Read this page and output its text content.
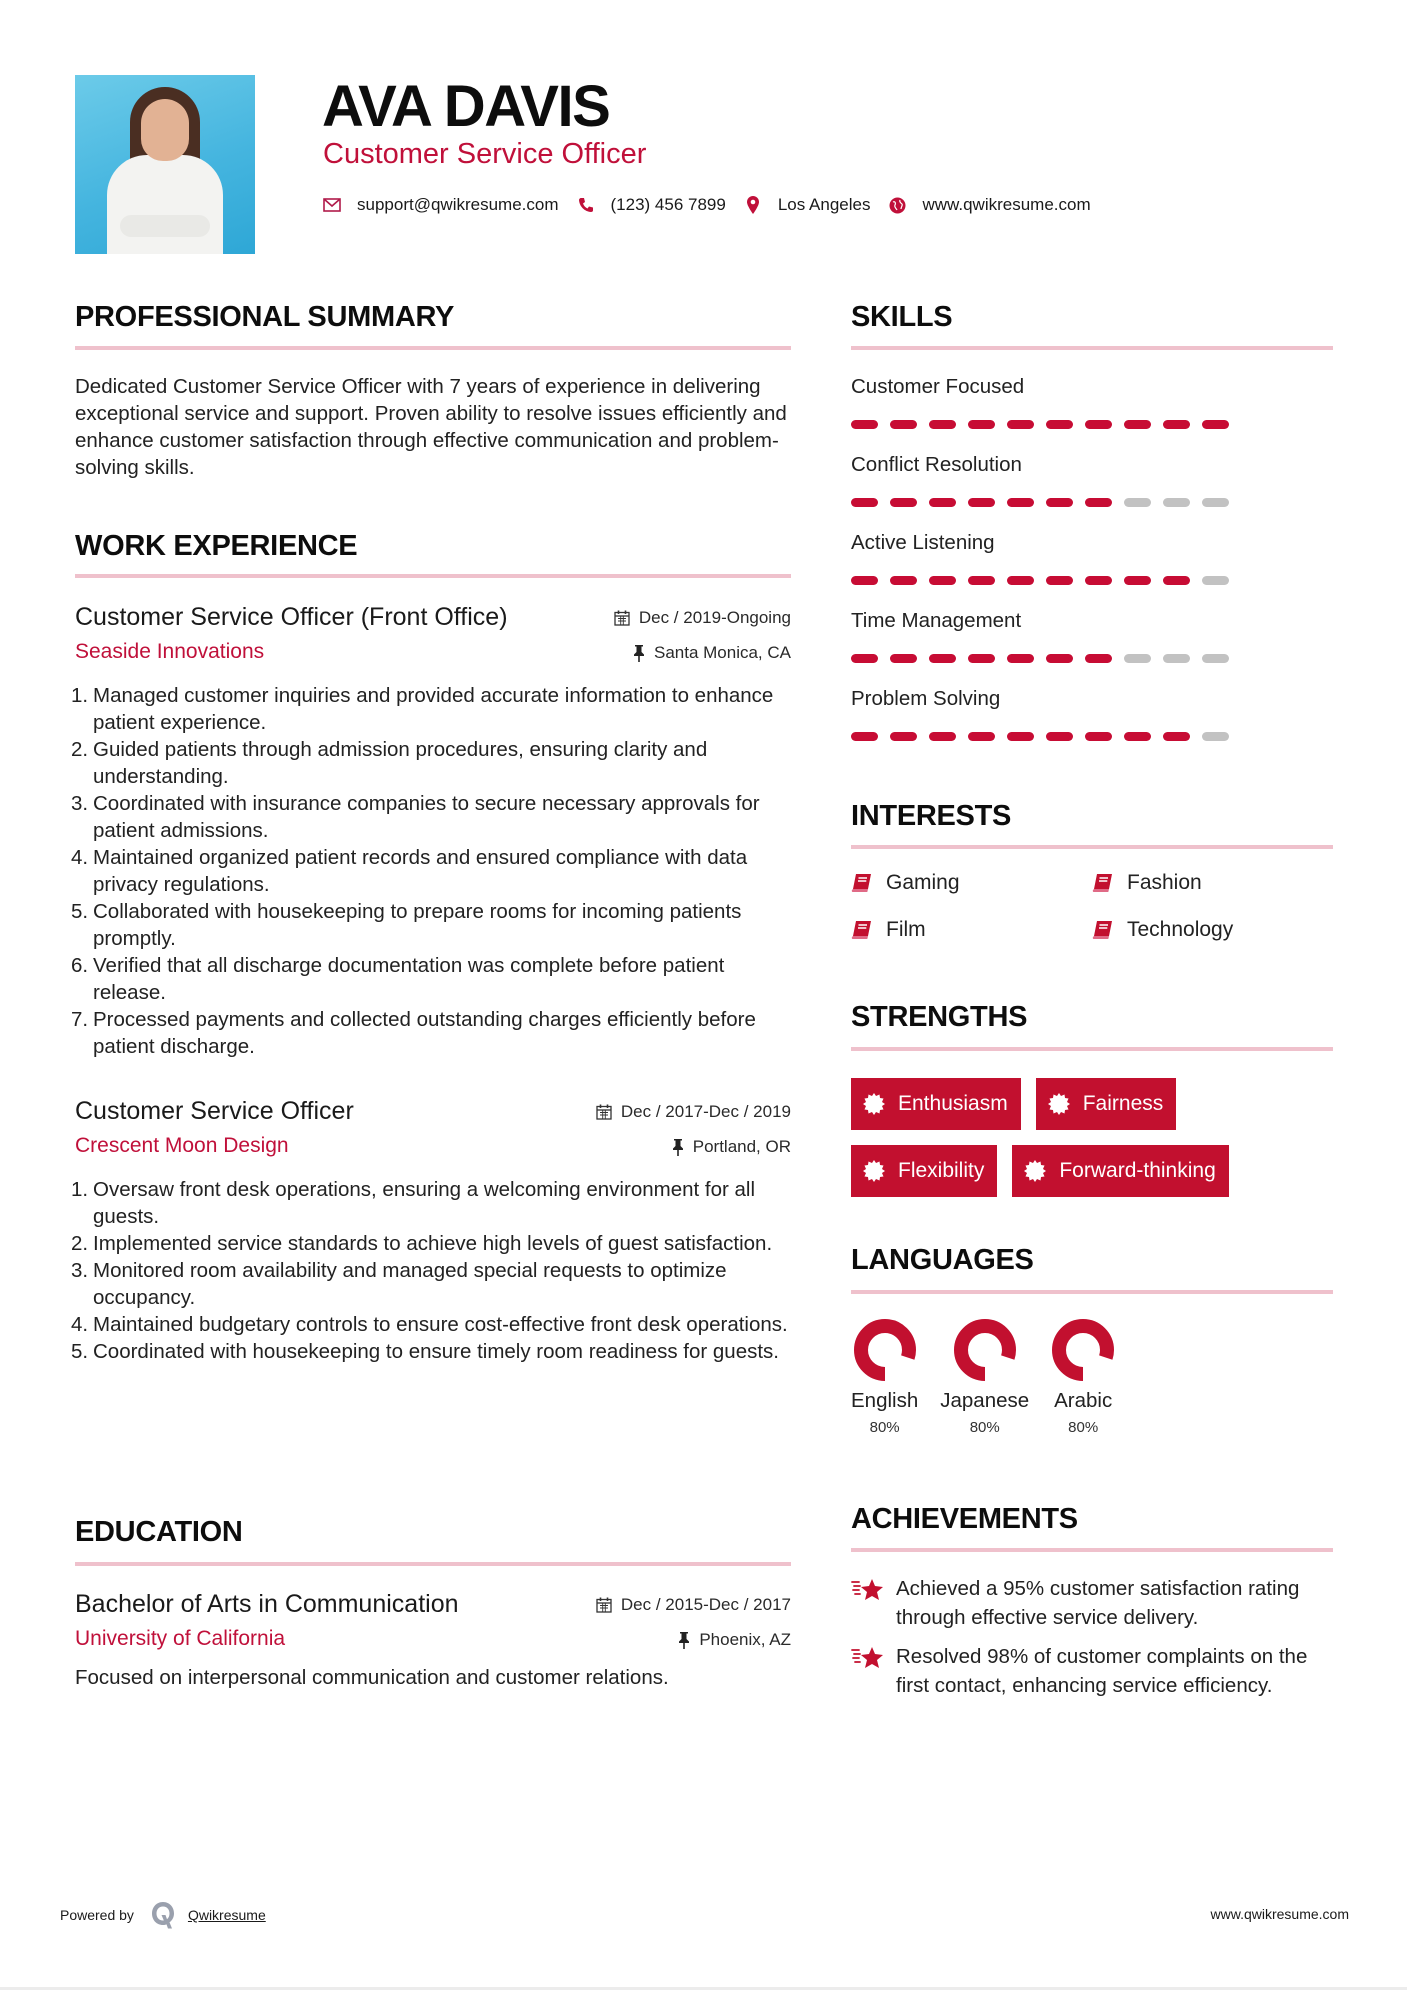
AVA DAVIS
Customer Service Officer
support@qwikresume.com	(123) 456 7899	Los Angeles	www.qwikresume.com
PROFESSIONAL SUMMARY
Dedicated Customer Service Officer with 7 years of experience in delivering exceptional service and support. Proven ability to resolve issues efficiently and enhance customer satisfaction through effective communication and problem-solving skills.
WORK EXPERIENCE
Customer Service Officer (Front Office)
Seaside Innovations
Dec / 2019-Ongoing
Santa Monica, CA
1. Managed customer inquiries and provided accurate information to enhance patient experience.
2. Guided patients through admission procedures, ensuring clarity and understanding.
3. Coordinated with insurance companies to secure necessary approvals for patient admissions.
4. Maintained organized patient records and ensured compliance with data privacy regulations.
5. Collaborated with housekeeping to prepare rooms for incoming patients promptly.
6. Verified that all discharge documentation was complete before patient release.
7. Processed payments and collected outstanding charges efficiently before patient discharge.
Customer Service Officer
Crescent Moon Design
Dec / 2017-Dec / 2019
Portland, OR
1. Oversaw front desk operations, ensuring a welcoming environment for all guests.
2. Implemented service standards to achieve high levels of guest satisfaction.
3. Monitored room availability and managed special requests to optimize occupancy.
4. Maintained budgetary controls to ensure cost-effective front desk operations.
5. Coordinated with housekeeping to ensure timely room readiness for guests.
EDUCATION
Bachelor of Arts in Communication
University of California
Dec / 2015-Dec / 2017
Phoenix, AZ
Focused on interpersonal communication and customer relations.
SKILLS
Customer Focused
Conflict Resolution
Active Listening
Time Management
Problem Solving
INTERESTS
Gaming	Fashion
Film	Technology
STRENGTHS
Enthusiasm	Fairness
Flexibility	Forward-thinking
LANGUAGES
English
80%
Japanese
80%
Arabic
80%
ACHIEVEMENTS
Achieved a 95% customer satisfaction rating through effective service delivery.
Resolved 98% of customer complaints on the first contact, enhancing service efficiency.
Powered by	Qwikresume	www.qwikresume.com
